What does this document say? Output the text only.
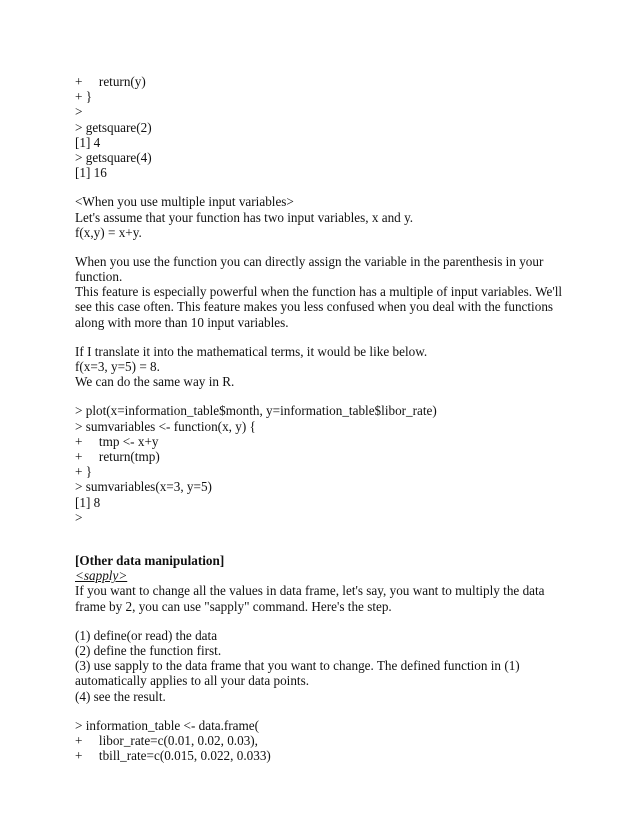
+     return(y)
+ }
>
> getsquare(2)
[1] 4
> getsquare(4)
[1] 16
<When you use multiple input variables>
Let's assume that your function has two input variables, x and y.
f(x,y) = x+y.
When you use the function you can directly assign the variable in the parenthesis in your function.
This feature is especially powerful when the function has a multiple of input variables. We'll see this case often. This feature makes you less confused when you deal with the functions along with more than 10 input variables.
If I translate it into the mathematical terms, it would be like below.
f(x=3, y=5) = 8.
We can do the same way in R.
> plot(x=information_table$month, y=information_table$libor_rate)
> sumvariables <- function(x, y) {
+     tmp <- x+y
+     return(tmp)
+ }
> sumvariables(x=3, y=5)
[1] 8
>
[Other data manipulation]
<sapply>
If you want to change all the values in data frame, let's say, you want to multiply the data frame by 2, you can use "sapply" command. Here's the step.
(1) define(or read) the data
(2) define the function first.
(3) use sapply to the data frame that you want to change. The defined function in (1) automatically applies to all your data points.
(4) see the result.
> information_table <- data.frame(
+     libor_rate=c(0.01, 0.02, 0.03),
+     tbill_rate=c(0.015, 0.022, 0.033)
